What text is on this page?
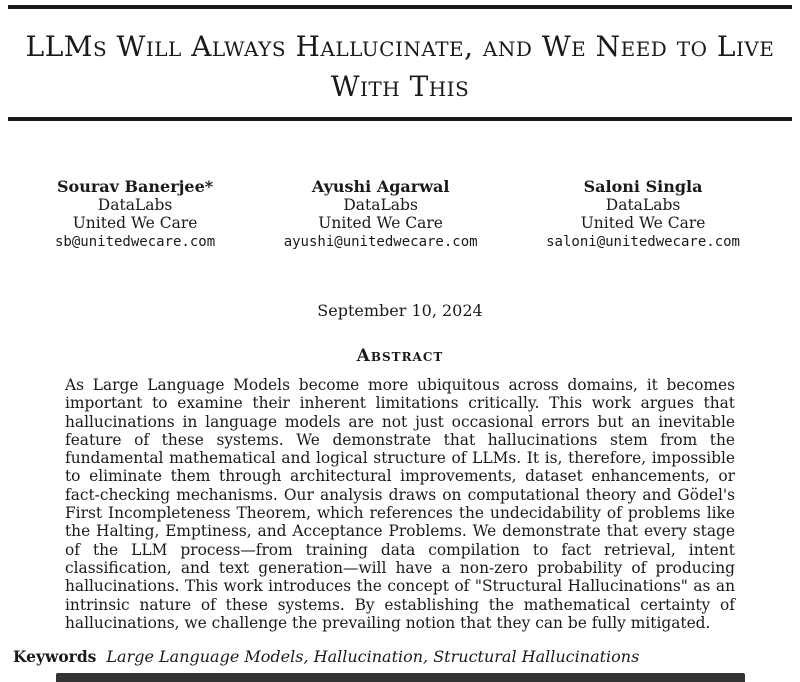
LLMs Will Always Hallucinate, and We Need to Live With This
Sourav Banerjee*
DataLabs
United We Care
sb@unitedwecare.com
Ayushi Agarwal
DataLabs
United We Care
ayushi@unitedwecare.com
Saloni Singla
DataLabs
United We Care
saloni@unitedwecare.com
September 10, 2024
Abstract

As Large Language Models become more ubiquitous across domains, it becomes important to examine their inherent limitations critically. This work argues that hallucinations in language models are not just occasional errors but an inevitable feature of these systems. We demonstrate that hallucinations stem from the fundamental mathematical and logical structure of LLMs. It is, therefore, impossible to eliminate them through architectural improvements, dataset enhancements, or fact-checking mechanisms. Our analysis draws on computational theory and Gödel's First Incompleteness Theorem, which references the undecidability of problems like the Halting, Emptiness, and Acceptance Problems. We demonstrate that every stage of the LLM process—from training data compilation to fact retrieval, intent classification, and text generation—will have a non-zero probability of producing hallucinations. This work introduces the concept of "Structural Hallucinations" as an intrinsic nature of these systems. By establishing the mathematical certainty of hallucinations, we challenge the prevailing notion that they can be fully mitigated.

Keywords Large Language Models, Hallucination, Structural Hallucinations
